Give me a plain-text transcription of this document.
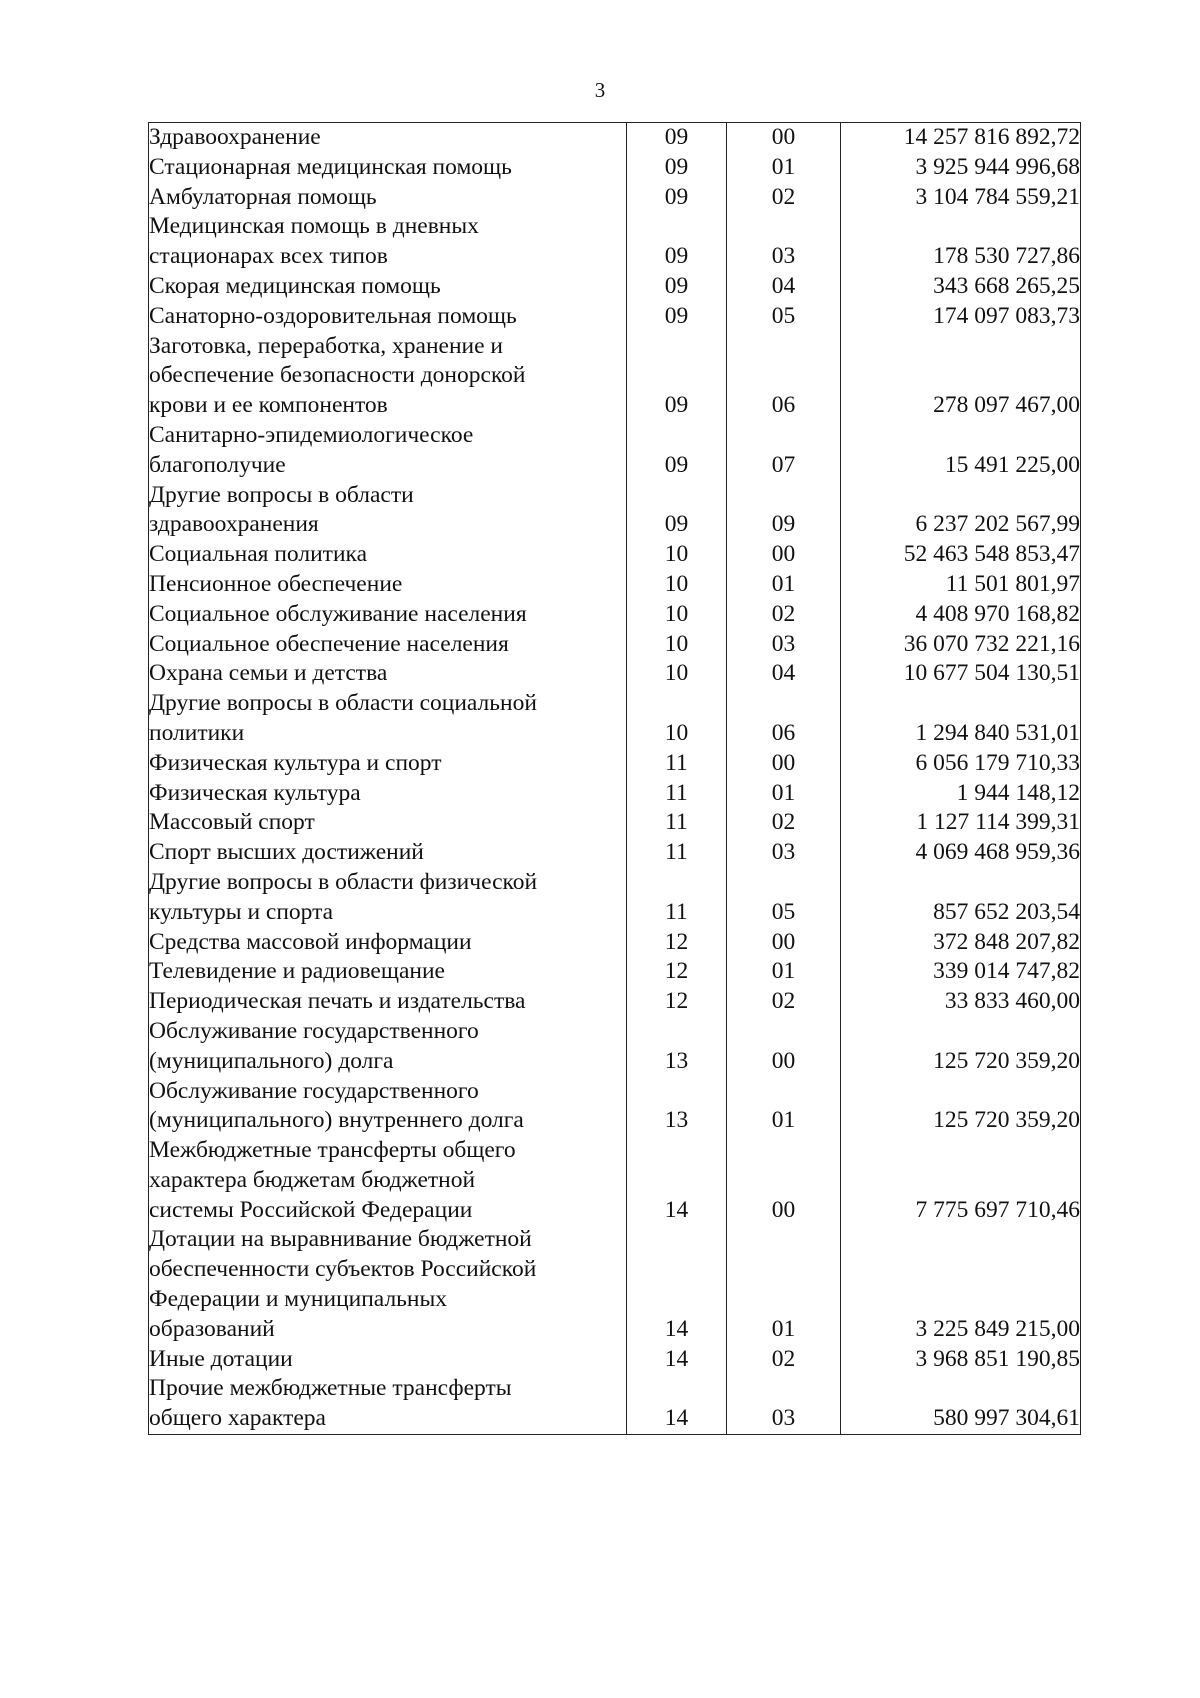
3
Здравоохранение	09	00	14 257 816 892,72
Стационарная медицинская помощь	09	01	3 925 944 996,68
Амбулаторная помощь	09	02	3 104 784 559,21
Медицинская помощь в дневных
стационарах всех типов	09	03	178 530 727,86
Скорая медицинская помощь	09	04	343 668 265,25
Санаторно-оздоровительная помощь	09	05	174 097 083,73
Заготовка, переработка, хранение и
обеспечение безопасности донорской
крови и ее компонентов	09	06	278 097 467,00
Санитарно-эпидемиологическое
благополучие	09	07	15 491 225,00
Другие вопросы в области
здравоохранения	09	09	6 237 202 567,99
Социальная политика	10	00	52 463 548 853,47
Пенсионное обеспечение	10	01	11 501 801,97
Социальное обслуживание населения	10	02	4 408 970 168,82
Социальное обеспечение населения	10	03	36 070 732 221,16
Охрана семьи и детства	10	04	10 677 504 130,51
Другие вопросы в области социальной
политики	10	06	1 294 840 531,01
Физическая культура и спорт	11	00	6 056 179 710,33
Физическая культура	11	01	1 944 148,12
Массовый спорт	11	02	1 127 114 399,31
Спорт высших достижений	11	03	4 069 468 959,36
Другие вопросы в области физической
культуры и спорта	11	05	857 652 203,54
Средства массовой информации	12	00	372 848 207,82
Телевидение и радиовещание	12	01	339 014 747,82
Периодическая печать и издательства	12	02	33 833 460,00
Обслуживание государственного
(муниципального) долга	13	00	125 720 359,20
Обслуживание государственного
(муниципального) внутреннего долга	13	01	125 720 359,20
Межбюджетные трансферты общего
характера бюджетам бюджетной
системы Российской Федерации	14	00	7 775 697 710,46
Дотации на выравнивание бюджетной
обеспеченности субъектов Российской
Федерации и муниципальных
образований	14	01	3 225 849 215,00
Иные дотации	14	02	3 968 851 190,85
Прочие межбюджетные трансферты
общего характера	14	03	580 997 304,61
